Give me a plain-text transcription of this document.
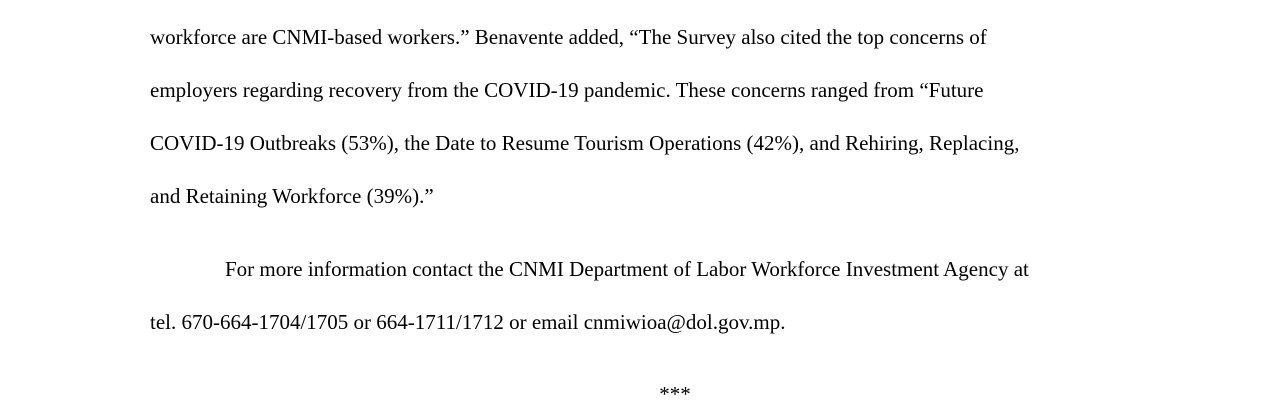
workforce are CNMI-based workers.” Benavente added, “The Survey also cited the top concerns of
employers regarding recovery from the COVID-19 pandemic. These concerns ranged from “Future
COVID-19 Outbreaks (53%), the Date to Resume Tourism Operations (42%), and Rehiring, Replacing,
and Retaining Workforce (39%).”
For more information contact the CNMI Department of Labor Workforce Investment Agency at
tel. 670-664-1704/1705 or 664-1711/1712 or email cnmiwioa@dol.gov.mp.
***
